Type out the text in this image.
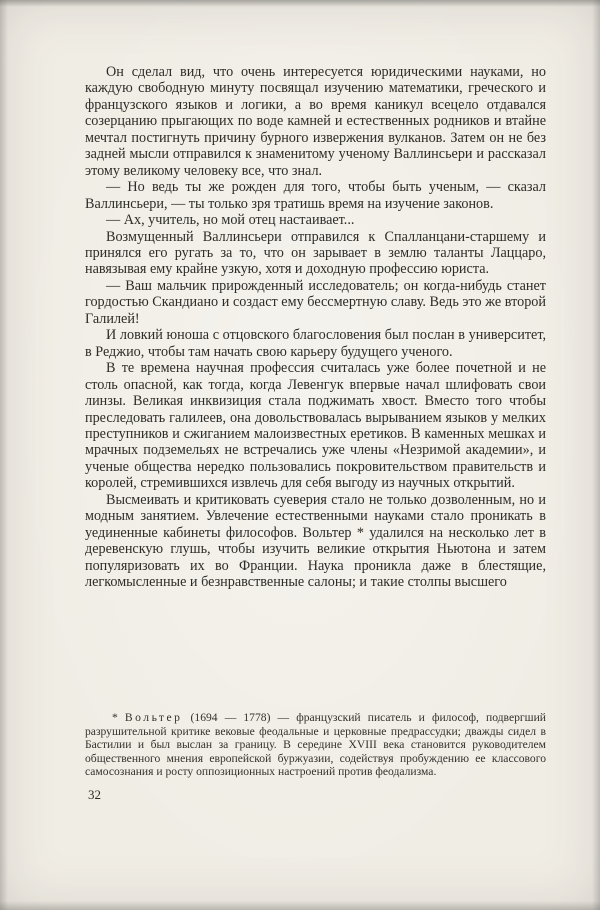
Он сделал вид, что очень интересуется юридическими науками, но каждую свободную минуту посвящал изучению математики, греческого и французского языков и логики, а во время каникул всецело отдавался созерцанию прыгающих по воде камней и естественных родников и втайне мечтал постигнуть причину бурного извержения вулканов. Затем он не без задней мысли отправился к знаменитому ученому Валлинсьери и рассказал этому великому человеку все, что знал.

— Но ведь ты же рожден для того, чтобы быть ученым, — сказал Валлинсьери, — ты только зря тратишь время на изучение законов.

— Ах, учитель, но мой отец настаивает...

Возмущенный Валлинсьери отправился к Спалланцани-старшему и принялся его ругать за то, что он зарывает в землю таланты Лаццаро, навязывая ему крайне узкую, хотя и доходную профессию юриста.

— Ваш мальчик прирожденный исследователь; он когда-нибудь станет гордостью Скандиано и создаст ему бессмертную славу. Ведь это же второй Галилей!

И ловкий юноша с отцовского благословения был послан в университет, в Реджио, чтобы там начать свою карьеру будущего ученого.

В те времена научная профессия считалась уже более почетной и не столь опасной, как тогда, когда Левенгук впервые начал шлифовать свои линзы. Великая инквизиция стала поджимать хвост. Вместо того чтобы преследовать галилеев, она довольствовалась вырыванием языков у мелких преступников и сжиганием малоизвестных еретиков. В каменных мешках и мрачных подземельях не встречались уже члены «Незримой академии», и ученые общества нередко пользовались покровительством правительств и королей, стремившихся извлечь для себя выгоду из научных открытий.

Высмеивать и критиковать суеверия стало не только дозволенным, но и модным занятием. Увлечение естественными науками стало проникать в уединенные кабинеты философов. Вольтер * удалился на несколько лет в деревенскую глушь, чтобы изучить великие открытия Ньютона и затем популяризовать их во Франции. Наука проникла даже в блестящие, легкомысленные и безнравственные салоны; и такие столпы высшего

* Вольтер (1694 — 1778) — французский писатель и философ, подвергший разрушительной критике вековые феодальные и церковные предрассудки; дважды сидел в Бастилии и был выслан за границу. В середине XVIII века становится руководителем общественного мнения европейской буржуазии, содействуя пробуждению ее классового самосознания и росту оппозиционных настроений против феодализма.

32
